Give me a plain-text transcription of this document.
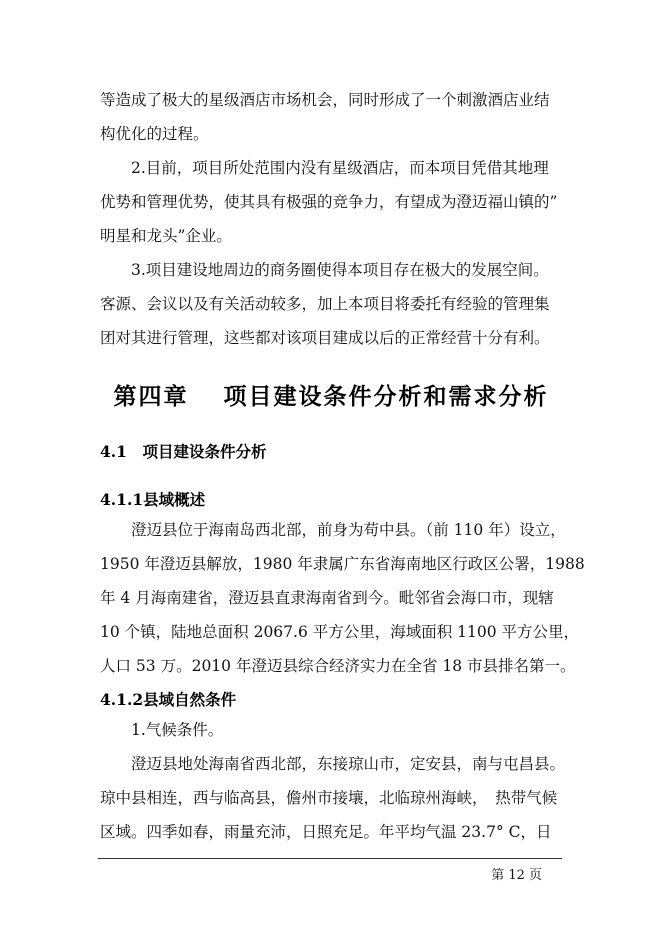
等造成了极大的星级酒店市场机会，同时形成了一个刺激酒店业结
构优化的过程。
2.目前，项目所处范围内没有星级酒店，而本项目凭借其地理
优势和管理优势，使其具有极强的竞争力，有望成为澄迈福山镇的”
明星和龙头”企业。
3.项目建设地周边的商务圈使得本项目存在极大的发展空间。
客源、会议以及有关活动较多，加上本项目将委托有经验的管理集
团对其进行管理，这些都对该项目建成以后的正常经营十分有利。
第四章　 项目建设条件分析和需求分析
4.1　项目建设条件分析
4.1.1县域概述
澄迈县位于海南岛西北部，前身为苟中县。（前 110 年）设立，
1950 年澄迈县解放，1980 年隶属广东省海南地区行政区公署，1988
年 4 月海南建省，澄迈县直隶海南省到今。毗邻省会海口市，现辖
10 个镇，陆地总面积 2067.6 平方公里，海域面积 1100 平方公里，
人口 53 万。2010 年澄迈县综合经济实力在全省 18 市县排名第一。
4.1.2县域自然条件
1.气候条件。
澄迈县地处海南省西北部，东接琼山市，定安县，南与屯昌县。
琼中县相连，西与临高县，儋州市接壤，北临琼州海峡，　热带气候
区域。四季如春，雨量充沛，日照充足。年平均气温 23.7° C，日
第 12 页
